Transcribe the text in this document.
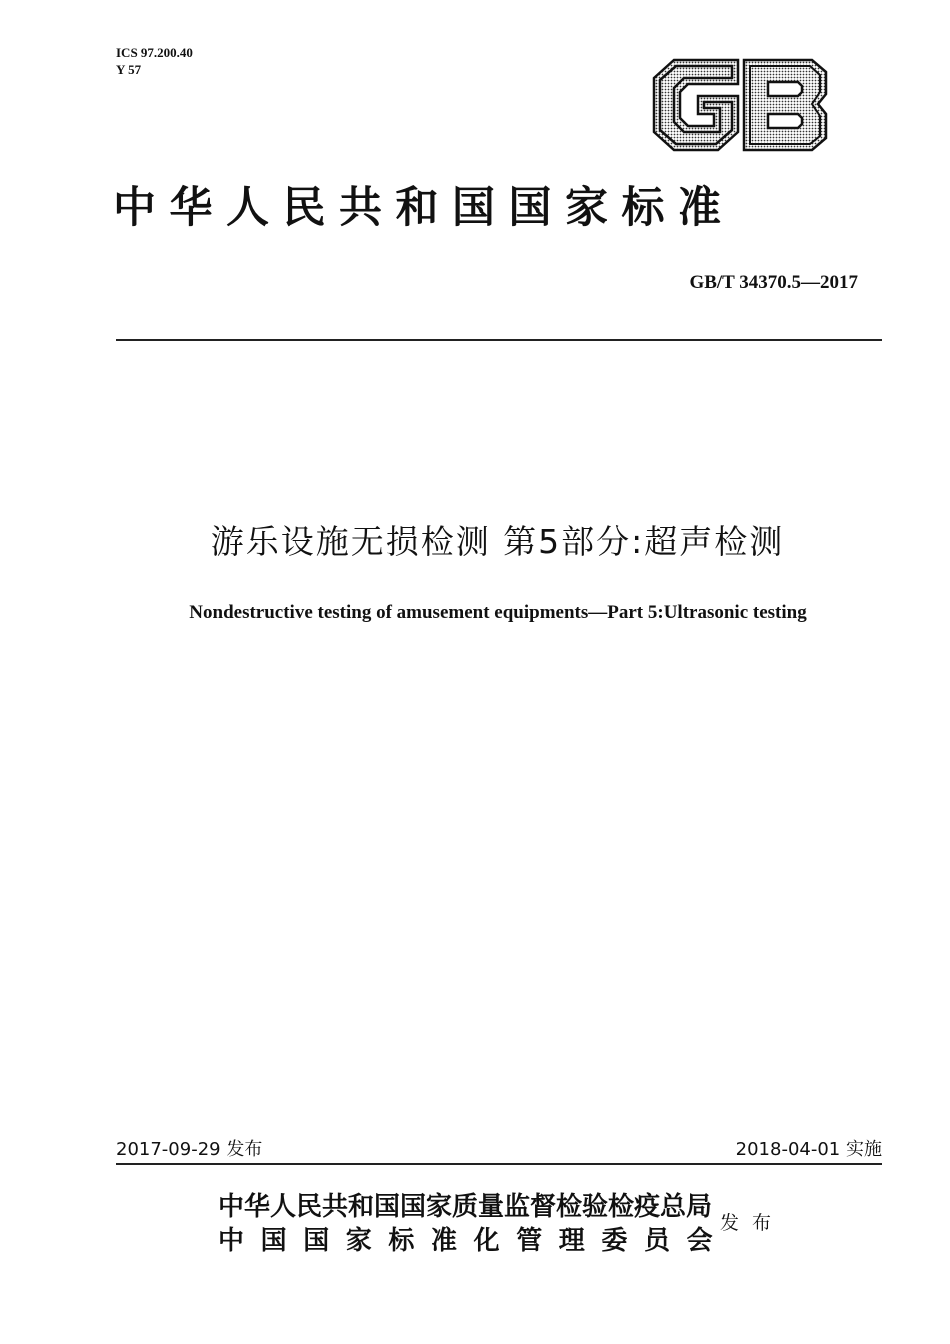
ICS 97.200.40
Y 57
中华人民共和国国家标准
GB/T 34370.5—2017
游乐设施无损检测 第5部分:超声检测
Nondestructive testing of amusement equipments—Part 5:Ultrasonic testing
2017-09-29 发布	2018-04-01 实施
中华人民共和国国家质量监督检验检疫总局
中国国家标准化管理委员会
发布
